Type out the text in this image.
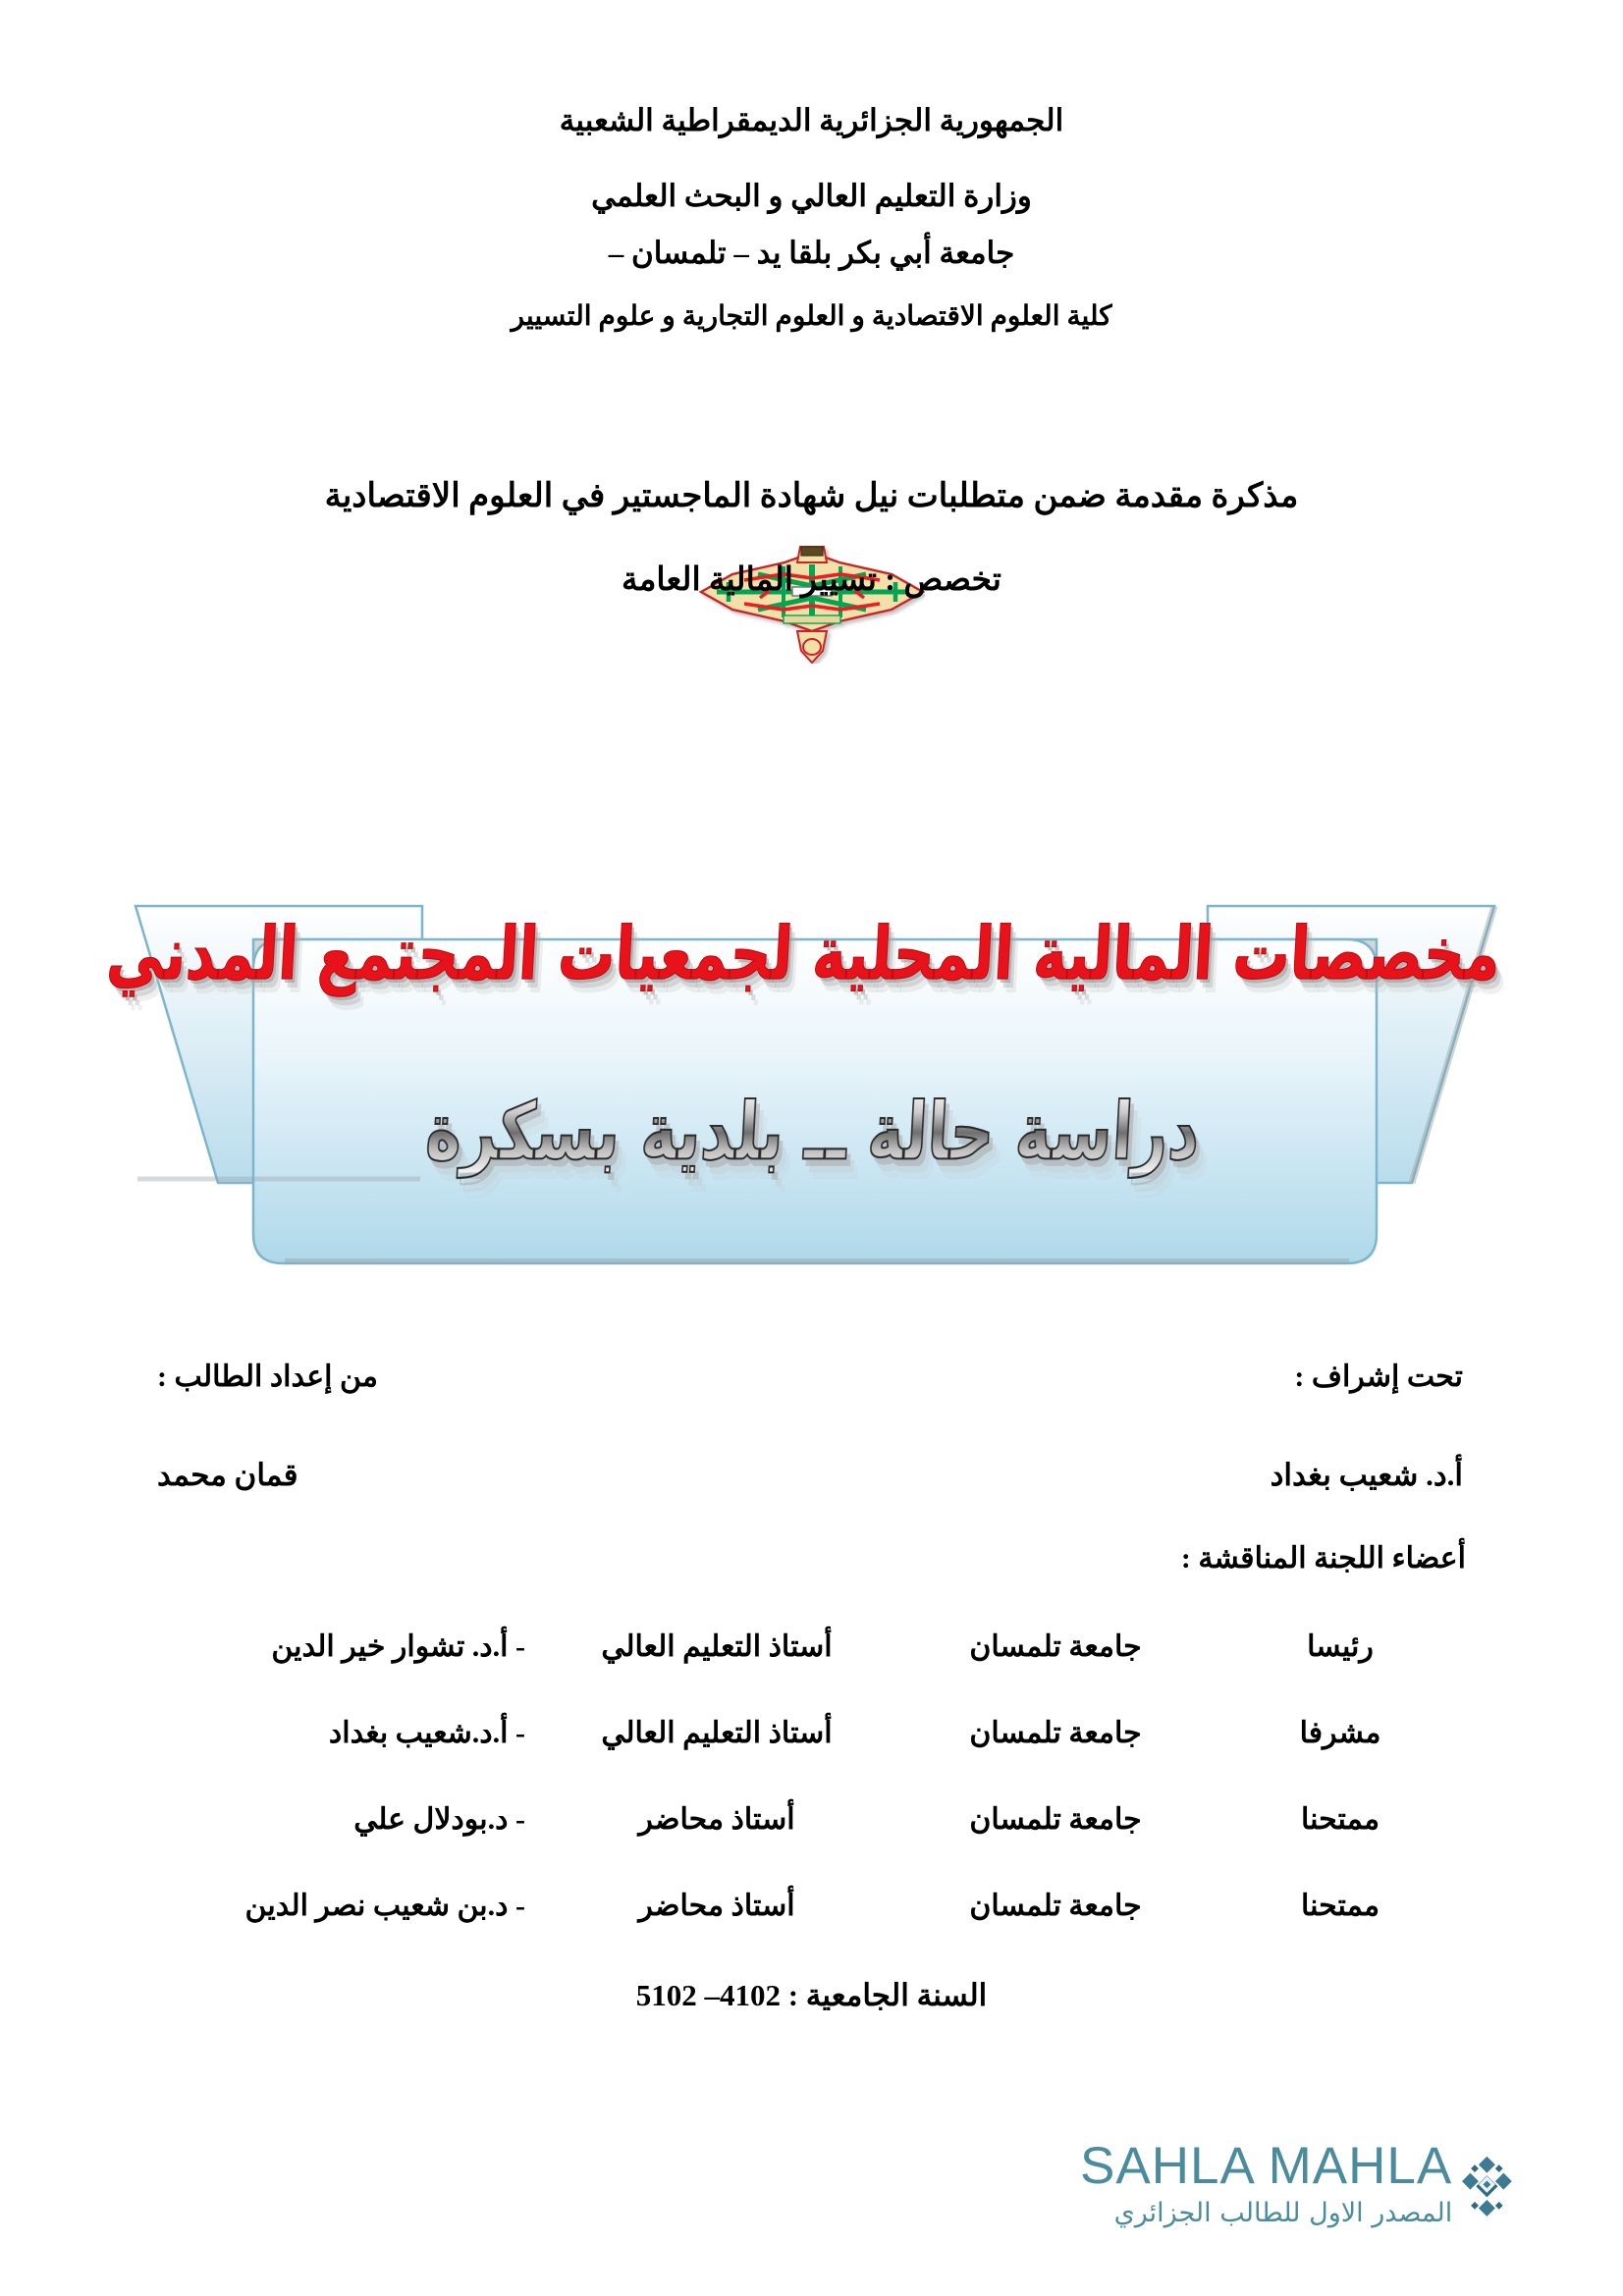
الجمهورية الجزائرية الديمقراطية الشعبية
وزارة التعليم العالي و البحث العلمي
جامعة أبي بكر بلقا يد – تلمسان –
كلية العلوم الاقتصادية و العلوم التجارية و علوم التسيير
مذكرة مقدمة ضمن متطلبات نيل شهادة الماجستير في العلوم الاقتصادية
تخصص : تسيير المالية العامة
مخصصات المالية المحلية لجمعيات المجتمع المدني
تحت إشراف :
من إعداد الطالب :
أ.د. شعيب بغداد
قمان محمد
أعضاء اللجنة المناقشة :
رئيسا
جامعة تلمسان
أستاذ التعليم العالي
- أ.د. تشوار خير الدين
مشرفا
جامعة تلمسان
أستاذ التعليم العالي
- أ.د.شعيب بغداد
ممتحنا
جامعة تلمسان
أستاذ محاضر
- د.بودلال علي
ممتحنا
جامعة تلمسان
أستاذ محاضر
- د.بن شعيب نصر الدين
السنة الجامعية : 2014– 2015
SAHLA MAHLA
المصدر الاول للطالب الجزائري
